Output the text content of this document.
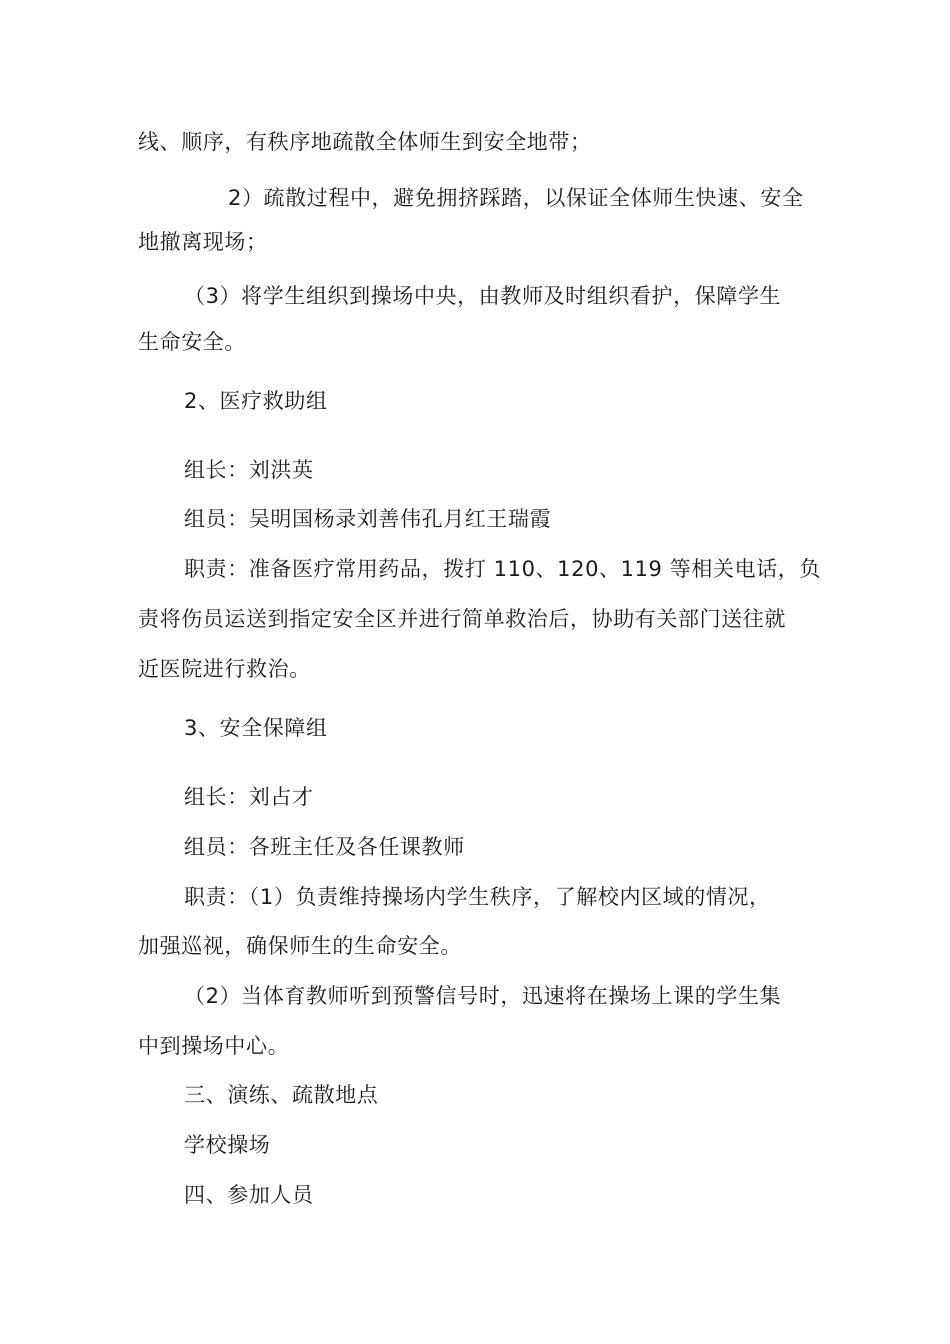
线、顺序，有秩序地疏散全体师生到安全地带；
2）疏散过程中，避免拥挤踩踏，以保证全体师生快速、安全
地撤离现场；
（3）将学生组织到操场中央，由教师及时组织看护，保障学生
生命安全。
2、医疗救助组
组长：刘洪英
组员：吴明国杨录刘善伟孔月红王瑞霞
职责：准备医疗常用药品，拨打 110、120、119 等相关电话，负
责将伤员运送到指定安全区并进行简单救治后，协助有关部门送往就
近医院进行救治。
3、安全保障组
组长：刘占才
组员：各班主任及各任课教师
职责：（1）负责维持操场内学生秩序，了解校内区域的情况，
加强巡视，确保师生的生命安全。
（2）当体育教师听到预警信号时，迅速将在操场上课的学生集
中到操场中心。
三、演练、疏散地点
学校操场
四、参加人员
